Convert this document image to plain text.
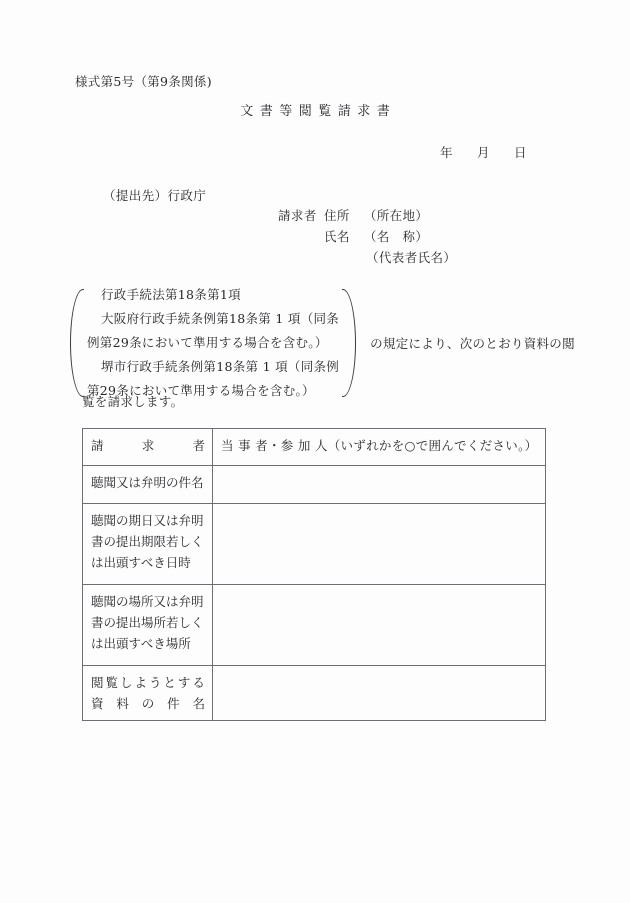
様式第5号（第9条関係)
文書等閲覧請求書
年 月 日
（提出先）行政庁
請求者 住所 （所在地）
氏名 （名　称）
（代表者氏名）
行政手続法第18条第1項
大阪府行政手続条例第18条第 1 項（同条
例第29条において準用する場合を含む。）
堺市行政手続条例第18条第 1 項（同条例
第29条において準用する場合を含む。）
の規定により、次のとおり資料の閲
覧を請求します。
請 求 者	当 事 者・参 加 人（いずれかを○で囲んでください。）

聴聞又は弁明の件名	

聴聞の期日又は弁明
書の提出期限若しく
は出頭すべき日時	

聴聞の場所又は弁明
書の提出場所若しく
は出頭すべき場所	

閲 覧 し よ う と す る
資 料 の 件 名
